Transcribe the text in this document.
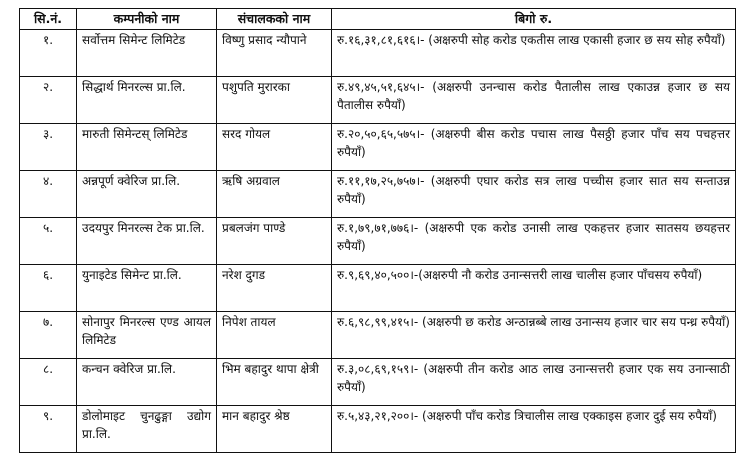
सि.नं.	कम्पनीको नाम	संचालकको नाम	बिगो रु.
१.	सर्वोत्तम सिमेन्ट लिमिटेड	विष्णु प्रसाद न्यौपाने	रु.१६,३१,८१,६१६।- (अक्षरुपी सोह करोड एकतीस लाख एकासी हजार छ सय सोह रुपैयाँ)
२.	सिद्धार्थ मिनरल्स प्रा.लि.	पशुपति मुरारका	रु.४९,४५,५१,६४५।- (अक्षरुपी उनन्चास करोड पैतालीस लाख एकाउन्न हजार छ सय पैतालीस रुपैयाँ)
३.	मारुती सिमेन्टस् लिमिटेड	सरद गोयल	रु.२०,५०,६५,५७५।- (अक्षरुपी बीस करोड पचास लाख पैसठ्ठी हजार पाँच सय पचहत्तर रुपैयाँ)
४.	अन्नपूर्ण क्वेरिज प्रा.लि.	ऋषि अग्रवाल	रु.११,१७,२५,७५७।- (अक्षरुपी एघार करोड सत्र लाख पच्चीस हजार सात सय सन्ताउन्न रुपैयाँ)
५.	उदयपुर मिनरल्स टेक प्रा.लि.	प्रबलजंग पाण्डे	रु.१,७९,७१,७७६।- (अक्षरुपी एक करोड उनासी लाख एकहत्तर हजार सातसय छयहत्तर रुपैयाँ)
६.	युनाइटेड सिमेन्ट प्रा.लि.	नरेश दुगड	रु.९,६९,४०,५००।-(अक्षरुपी नौ करोड उनान्सत्तरी लाख चालीस हजार पाँचसय रुपैयाँ)
७.	सोनापुर मिनरल्स एण्ड आयल लिमिटेड	निपेश तायल	रु.६,९८,९९,४१५।- (अक्षरुपी छ करोड अन्ठान्नब्बे लाख उनान्सय हजार चार सय पन्ध्र रुपैयाँ)
८.	कन्चन क्वेरिज प्रा.लि.	भिम बहादुर थापा क्षेत्री	रु.३,०८,६९,१५९।- (अक्षरुपी तीन करोड आठ लाख उनान्सत्तरी हजार एक सय उनान्साठी रुपैयाँ)
९.	डोलोमाइट चुनढुङ्गा उद्योग प्रा.लि.	मान बहादुर श्रेष्ठ	रु.५,४३,२१,२००।- (अक्षरुपी पाँच करोड त्रिचालीस लाख एक्काइस हजार दुई सय रुपैयाँ)
